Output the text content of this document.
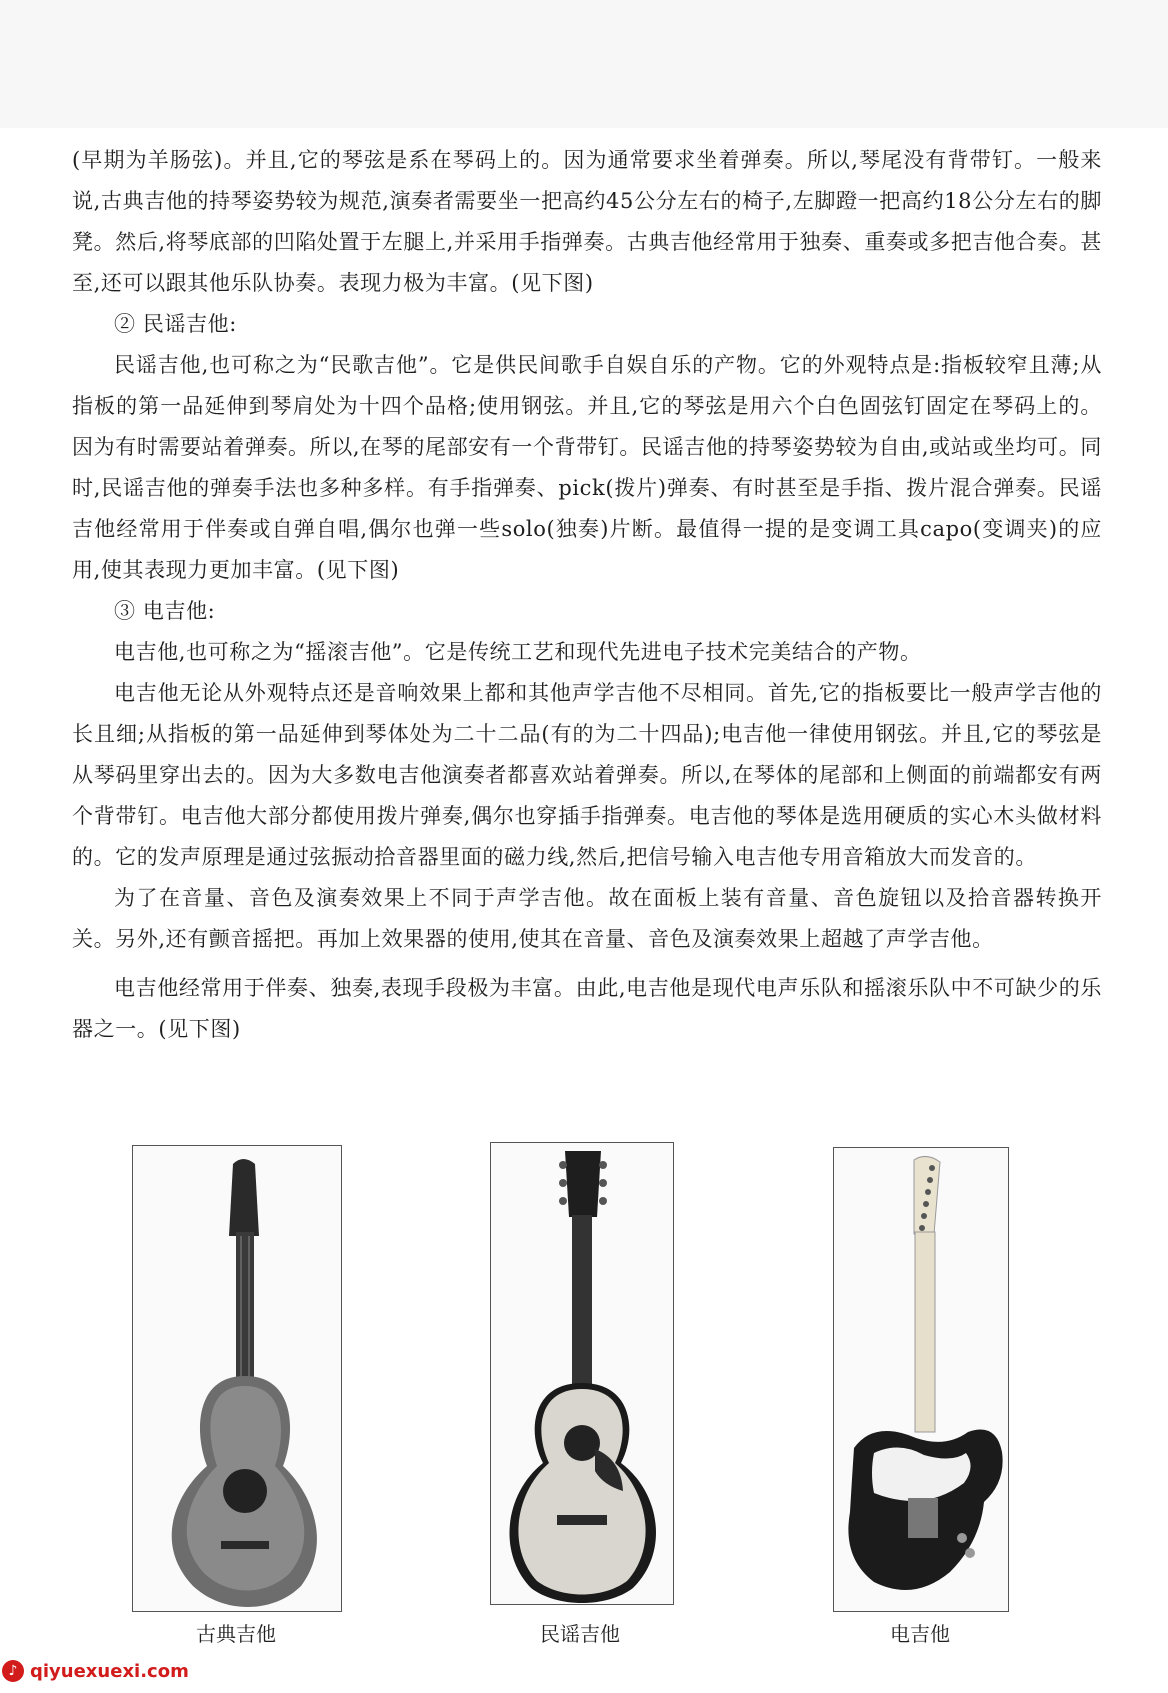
(早期为羊肠弦)。并且,它的琴弦是系在琴码上的。因为通常要求坐着弹奏。所以,琴尾没有背带钉。一般来说,古典吉他的持琴姿势较为规范,演奏者需要坐一把高约45公分左右的椅子,左脚蹬一把高约18公分左右的脚凳。然后,将琴底部的凹陷处置于左腿上,并采用手指弹奏。古典吉他经常用于独奏、重奏或多把吉他合奏。甚至,还可以跟其他乐队协奏。表现力极为丰富。(见下图)

② 民谣吉他:

民谣吉他,也可称之为“民歌吉他”。它是供民间歌手自娱自乐的产物。它的外观特点是:指板较窄且薄;从指板的第一品延伸到琴肩处为十四个品格;使用钢弦。并且,它的琴弦是用六个白色固弦钉固定在琴码上的。因为有时需要站着弹奏。所以,在琴的尾部安有一个背带钉。民谣吉他的持琴姿势较为自由,或站或坐均可。同时,民谣吉他的弹奏手法也多种多样。有手指弹奏、pick(拨片)弹奏、有时甚至是手指、拨片混合弹奏。民谣吉他经常用于伴奏或自弹自唱,偶尔也弹一些solo(独奏)片断。最值得一提的是变调工具capo(变调夹)的应用,使其表现力更加丰富。(见下图)

③ 电吉他:

电吉他,也可称之为“摇滚吉他”。它是传统工艺和现代先进电子技术完美结合的产物。

电吉他无论从外观特点还是音响效果上都和其他声学吉他不尽相同。首先,它的指板要比一般声学吉他的长且细;从指板的第一品延伸到琴体处为二十二品(有的为二十四品);电吉他一律使用钢弦。并且,它的琴弦是从琴码里穿出去的。因为大多数电吉他演奏者都喜欢站着弹奏。所以,在琴体的尾部和上侧面的前端都安有两个背带钉。电吉他大部分都使用拨片弹奏,偶尔也穿插手指弹奏。电吉他的琴体是选用硬质的实心木头做材料的。它的发声原理是通过弦振动拾音器里面的磁力线,然后,把信号输入电吉他专用音箱放大而发音的。

为了在音量、音色及演奏效果上不同于声学吉他。故在面板上装有音量、音色旋钮以及拾音器转换开关。另外,还有颤音摇把。再加上效果器的使用,使其在音量、音色及演奏效果上超越了声学吉他。

电吉他经常用于伴奏、独奏,表现手段极为丰富。由此,电吉他是现代电声乐队和摇滚乐队中不可缺少的乐器之一。(见下图)

古典吉他	民谣吉他	电吉他
♪ qiyuexuexi.com
